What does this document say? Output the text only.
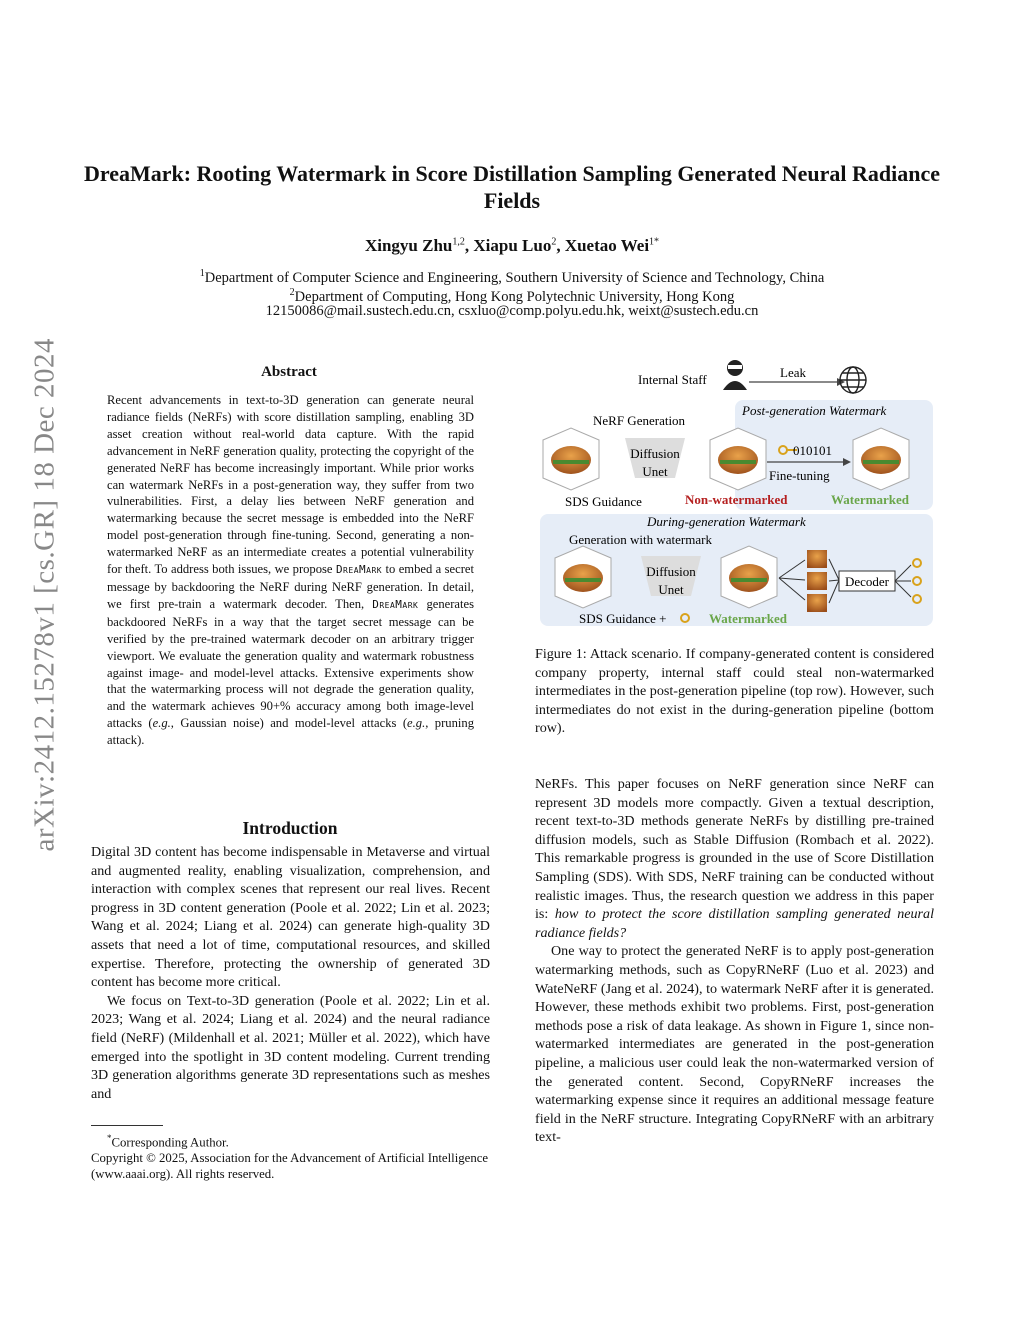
arXiv:2412.15278v1 [cs.GR] 18 Dec 2024
DreaMark: Rooting Watermark in Score Distillation Sampling Generated Neural Radiance Fields
Xingyu Zhu$^{1,2}$, Xiapu Luo$^2$, Xuetao Wei$^{1*}$
$^1$Department of Computer Science and Engineering, Southern University of Science and Technology, China
$^2$Department of Computing, Hong Kong Polytechnic University, Hong Kong
12150086@mail.sustech.edu.cn, csxluo@comp.polyu.edu.hk, weixt@sustech.edu.cn
Abstract
Recent advancements in text-to-3D generation can generate neural radiance fields (NeRFs) with score distillation sampling, enabling 3D asset creation without real-world data capture. With the rapid advancement in NeRF generation quality, protecting the copyright of the generated NeRF has become increasingly important. While prior works can watermark NeRFs in a post-generation way, they suffer from two vulnerabilities. First, a delay lies between NeRF generation and watermarking because the secret message is embedded into the NeRF model post-generation through fine-tuning. Second, generating a non-watermarked NeRF as an intermediate creates a potential vulnerability for theft. To address both issues, we propose DreaMark to embed a secret message by backdooring the NeRF during NeRF generation. In detail, we first pre-train a watermark decoder. Then, DreaMark generates backdoored NeRFs in a way that the target secret message can be verified by the pre-trained watermark decoder on an arbitrary trigger viewport. We evaluate the generation quality and watermark robustness against image- and model-level attacks. Extensive experiments show that the watermarking process will not degrade the generation quality, and the watermark achieves 90+% accuracy among both image-level attacks (e.g., Gaussian noise) and model-level attacks (e.g., pruning attack).
Introduction

Digital 3D content has become indispensable in Metaverse and virtual and augmented reality, enabling visualization, comprehension, and interaction with complex scenes that represent our real lives. Recent progress in 3D content generation (Poole et al. 2022; Lin et al. 2023; Wang et al. 2024; Liang et al. 2024) can generate high-quality 3D assets that need a lot of time, computational resources, and skilled expertise. Therefore, protecting the ownership of generated 3D content has become more critical.

We focus on Text-to-3D generation (Poole et al. 2022; Lin et al. 2023; Wang et al. 2024; Liang et al. 2024) and the neural radiance field (NeRF) (Mildenhall et al. 2021; Müller et al. 2022), which have emerged into the spotlight in 3D content modeling. Current trending 3D generation algorithms generate 3D representations such as meshes and

*Corresponding Author.
Copyright © 2025, Association for the Advancement of Artificial Intelligence (www.aaai.org). All rights reserved.
Internal Staff	Leak
Post-generation Watermark
NeRF Generation
Diffusion
Unet
010101
Fine-tuning
SDS Guidance	Non-watermarked	Watermarked
During-generation Watermark
Generation with watermark
Diffusion
Unet
Decoder
SDS Guidance +	Watermarked
Figure 1: Attack scenario. If company-generated content is considered company property, internal staff could steal non-watermarked intermediates in the post-generation pipeline (top row). However, such intermediates do not exist in the during-generation pipeline (bottom row).

NeRFs. This paper focuses on NeRF generation since NeRF can represent 3D models more compactly. Given a textual description, recent text-to-3D methods generate NeRFs by distilling pre-trained diffusion models, such as Stable Diffusion (Rombach et al. 2022). This remarkable progress is grounded in the use of Score Distillation Sampling (SDS). With SDS, NeRF training can be conducted without realistic images. Thus, the research question we address in this paper is: how to protect the score distillation sampling generated neural radiance fields?

One way to protect the generated NeRF is to apply post-generation watermarking methods, such as CopyRNeRF (Luo et al. 2023) and WateNeRF (Jang et al. 2024), to watermark NeRF after it is generated. However, these methods exhibit two problems. First, post-generation methods pose a risk of data leakage. As shown in Figure 1, since non-watermarked intermediates are generated in the post-generation pipeline, a malicious user could leak the non-watermarked version of the generated content. Second, CopyRNeRF increases the watermarking expense since it requires an additional message feature field in the NeRF structure. Integrating CopyRNeRF with an arbitrary text-
